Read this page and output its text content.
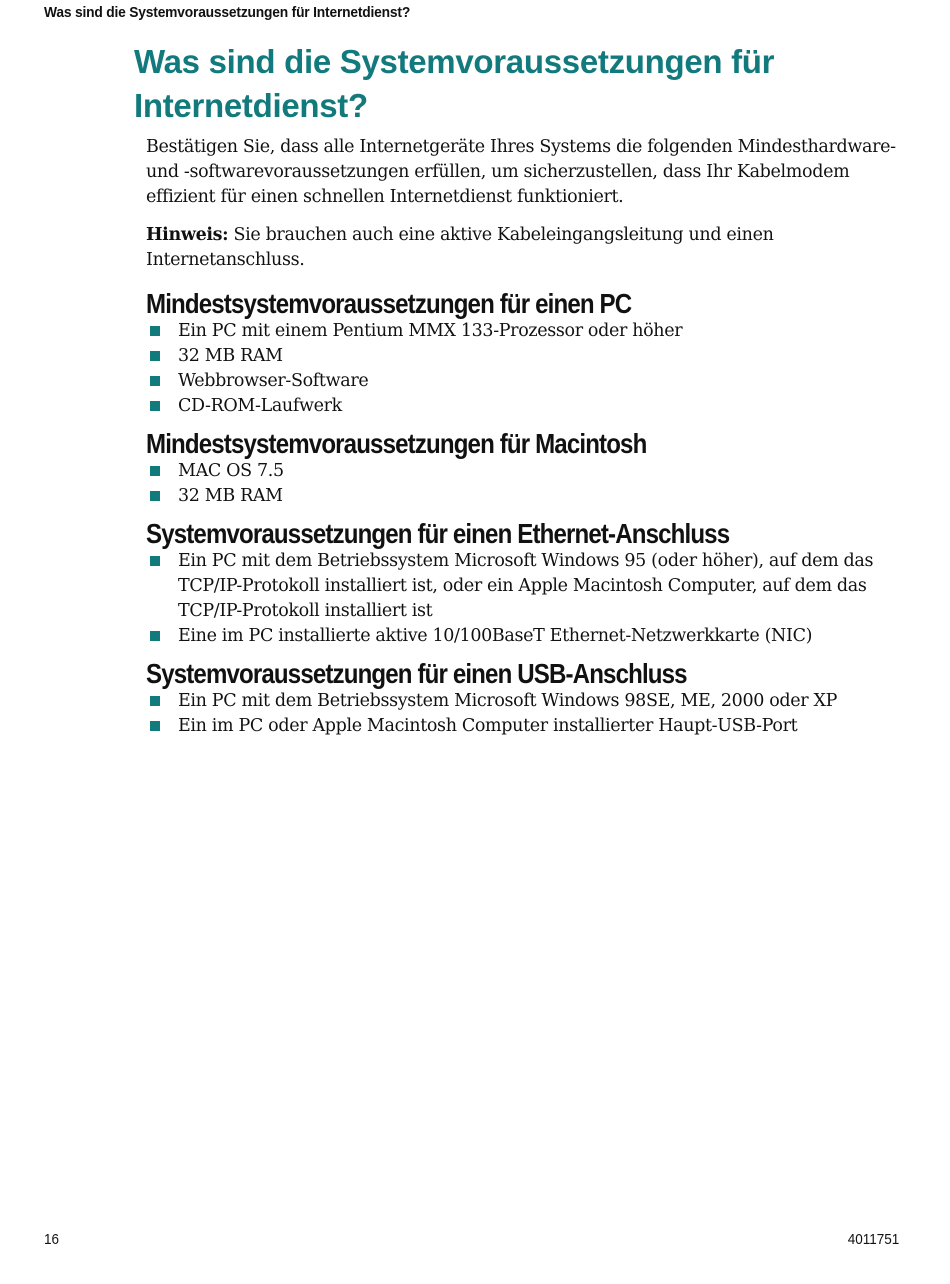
Was sind die Systemvoraussetzungen für Internetdienst?
Was sind die Systemvoraussetzungen für Internetdienst?

Bestätigen Sie, dass alle Internetgeräte Ihres Systems die folgenden Mindesthardware- und -softwarevoraussetzungen erfüllen, um sicherzustellen, dass Ihr Kabelmodem effizient für einen schnellen Internetdienst funktioniert.

Hinweis: Sie brauchen auch eine aktive Kabeleingangsleitung und einen Internetanschluss.

Mindestsystemvoraussetzungen für einen PC
Ein PC mit einem Pentium MMX 133-Prozessor oder höher
32 MB RAM
Webbrowser-Software
CD-ROM-Laufwerk
Mindestsystemvoraussetzungen für Macintosh
MAC OS 7.5
32 MB RAM
Systemvoraussetzungen für einen Ethernet-Anschluss
Ein PC mit dem Betriebssystem Microsoft Windows 95 (oder höher), auf dem das TCP/IP-Protokoll installiert ist, oder ein Apple Macintosh Computer, auf dem das TCP/IP-Protokoll installiert ist
Eine im PC installierte aktive 10/100BaseT Ethernet-Netzwerkkarte (NIC)
Systemvoraussetzungen für einen USB-Anschluss
Ein PC mit dem Betriebssystem Microsoft Windows 98SE, ME, 2000 oder XP
Ein im PC oder Apple Macintosh Computer installierter Haupt-USB-Port
16	4011751
